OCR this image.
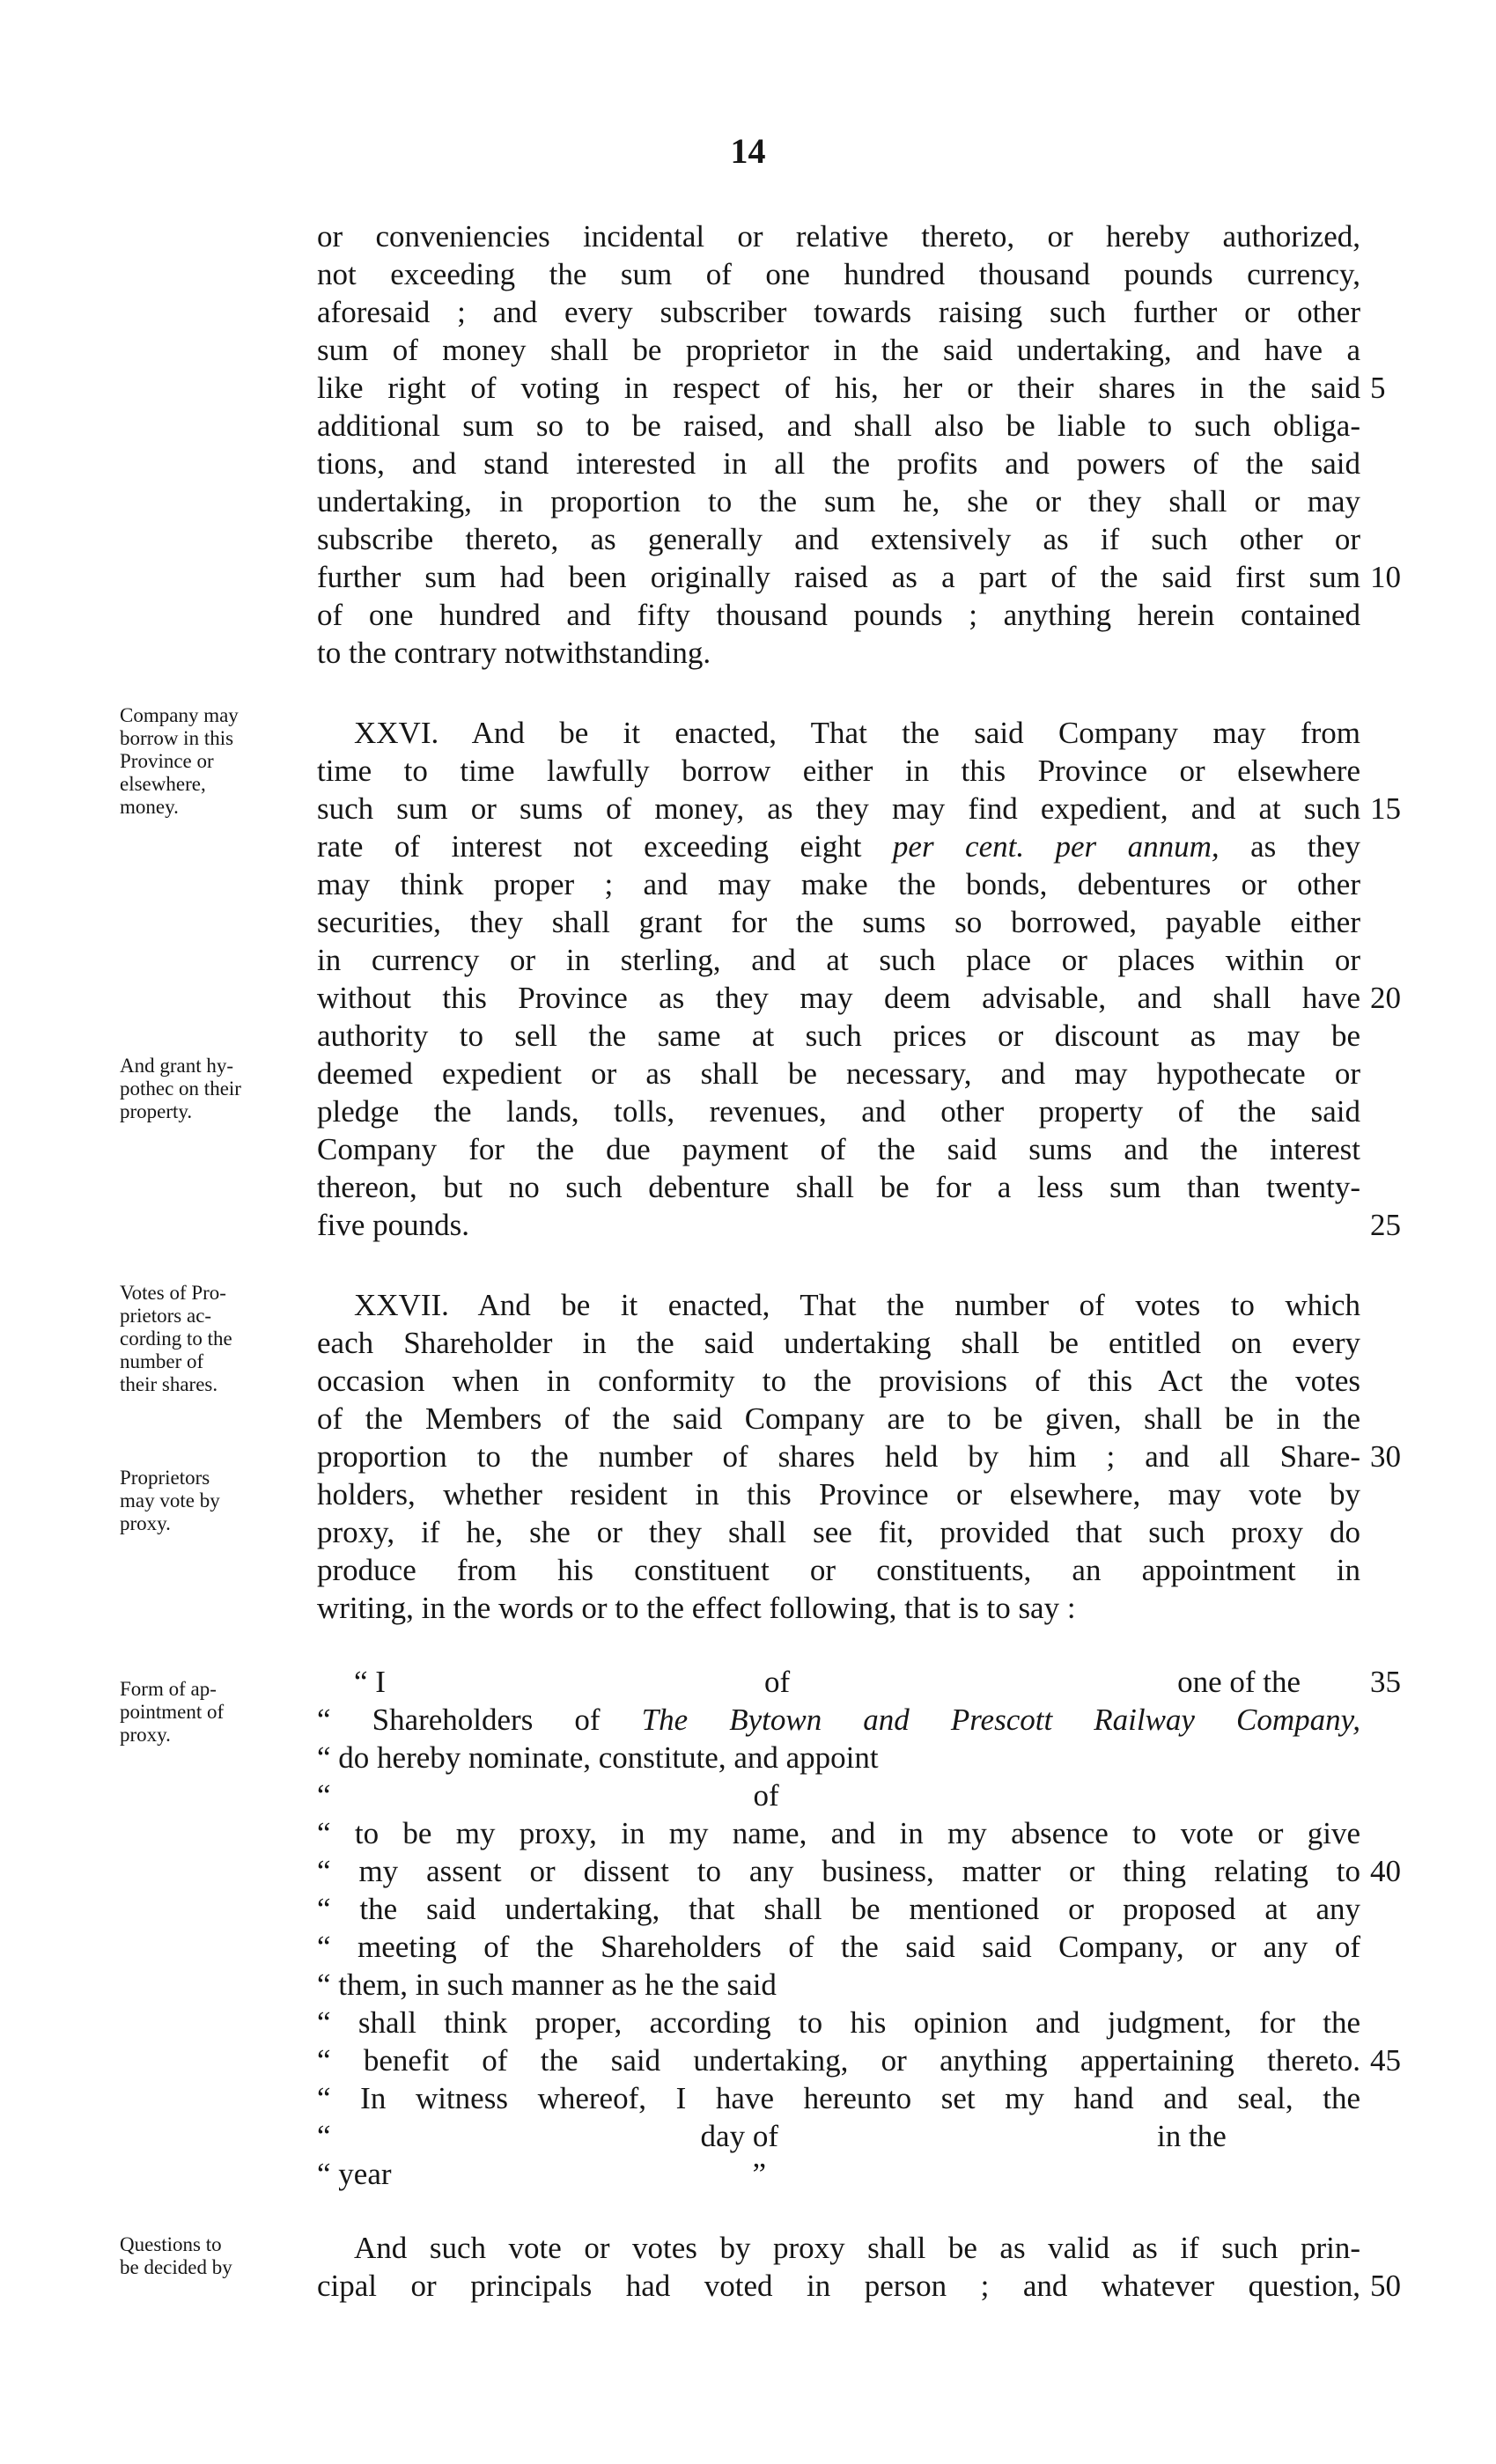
14
or conveniencies incidental or relative thereto, or hereby authorized,
not exceeding the sum of one hundred thousand pounds currency,
aforesaid ; and every subscriber towards raising such further or other
sum of money shall be proprietor in the said undertaking, and have a
like right of voting in respect of his, her or their shares in the said 5
additional sum so to be raised, and shall also be liable to such obliga-
tions, and stand interested in all the profits and powers of the said
undertaking, in proportion to the sum he, she or they shall or may
subscribe thereto, as generally and extensively as if such other or
further sum had been originally raised as a part of the said first sum 10
of one hundred and fifty thousand pounds ; anything herein contained
to the contrary notwithstanding.
Company may
borrow in this
Province or
elsewhere,
money.
XXVI. And be it enacted, That the said Company may from
time to time lawfully borrow either in this Province or elsewhere
such sum or sums of money, as they may find expedient, and at such 15
rate of interest not exceeding eight per cent. per annum, as they
may think proper ; and may make the bonds, debentures or other
securities, they shall grant for the sums so borrowed, payable either
in currency or in sterling, and at such place or places within or
without this Province as they may deem advisable, and shall have 20
authority to sell the same at such prices or discount as may be
And grant hy-
pothec on their
property.
deemed expedient or as shall be necessary, and may hypothecate or
pledge the lands, tolls, revenues, and other property of the said
Company for the due payment of the said sums and the interest
thereon, but no such debenture shall be for a less sum than twenty-
five pounds.	25
Votes of Pro-
prietors ac-
cording to the
number of
their shares.
XXVII. And be it enacted, That the number of votes to which
each Shareholder in the said undertaking shall be entitled on every
occasion when in conformity to the provisions of this Act the votes
of the Members of the said Company are to be given, shall be in the
proportion to the number of shares held by him ; and all Share- 30
Proprietors
may vote by
proxy.
holders, whether resident in this Province or elsewhere, may vote by
proxy, if he, she or they shall see fit, provided that such proxy do
produce from his constituent or constituents, an appointment in
writing, in the words or to the effect following, that is to say :
Form of ap-
pointment of
proxy.
“ I	of	one of the	35
“ Shareholders of The Bytown and Prescott Railway Company,
“ do hereby nominate, constitute, and appoint
“	of
“ to be my proxy, in my name, and in my absence to vote or give
“ my assent or dissent to any business, matter or thing relating to 40
“ the said undertaking, that shall be mentioned or proposed at any
“ meeting of the Shareholders of the said said Company, or any of
“ them, in such manner as he the said
“ shall think proper, according to his opinion and judgment, for the
“ benefit of the said undertaking, or anything appertaining thereto. 45
“ In witness whereof, I have hereunto set my hand and seal, the
“	day of	in the
“ year	”
Questions to
be decided by
And such vote or votes by proxy shall be as valid as if such prin-
cipal or principals had voted in person ; and whatever question, 50
